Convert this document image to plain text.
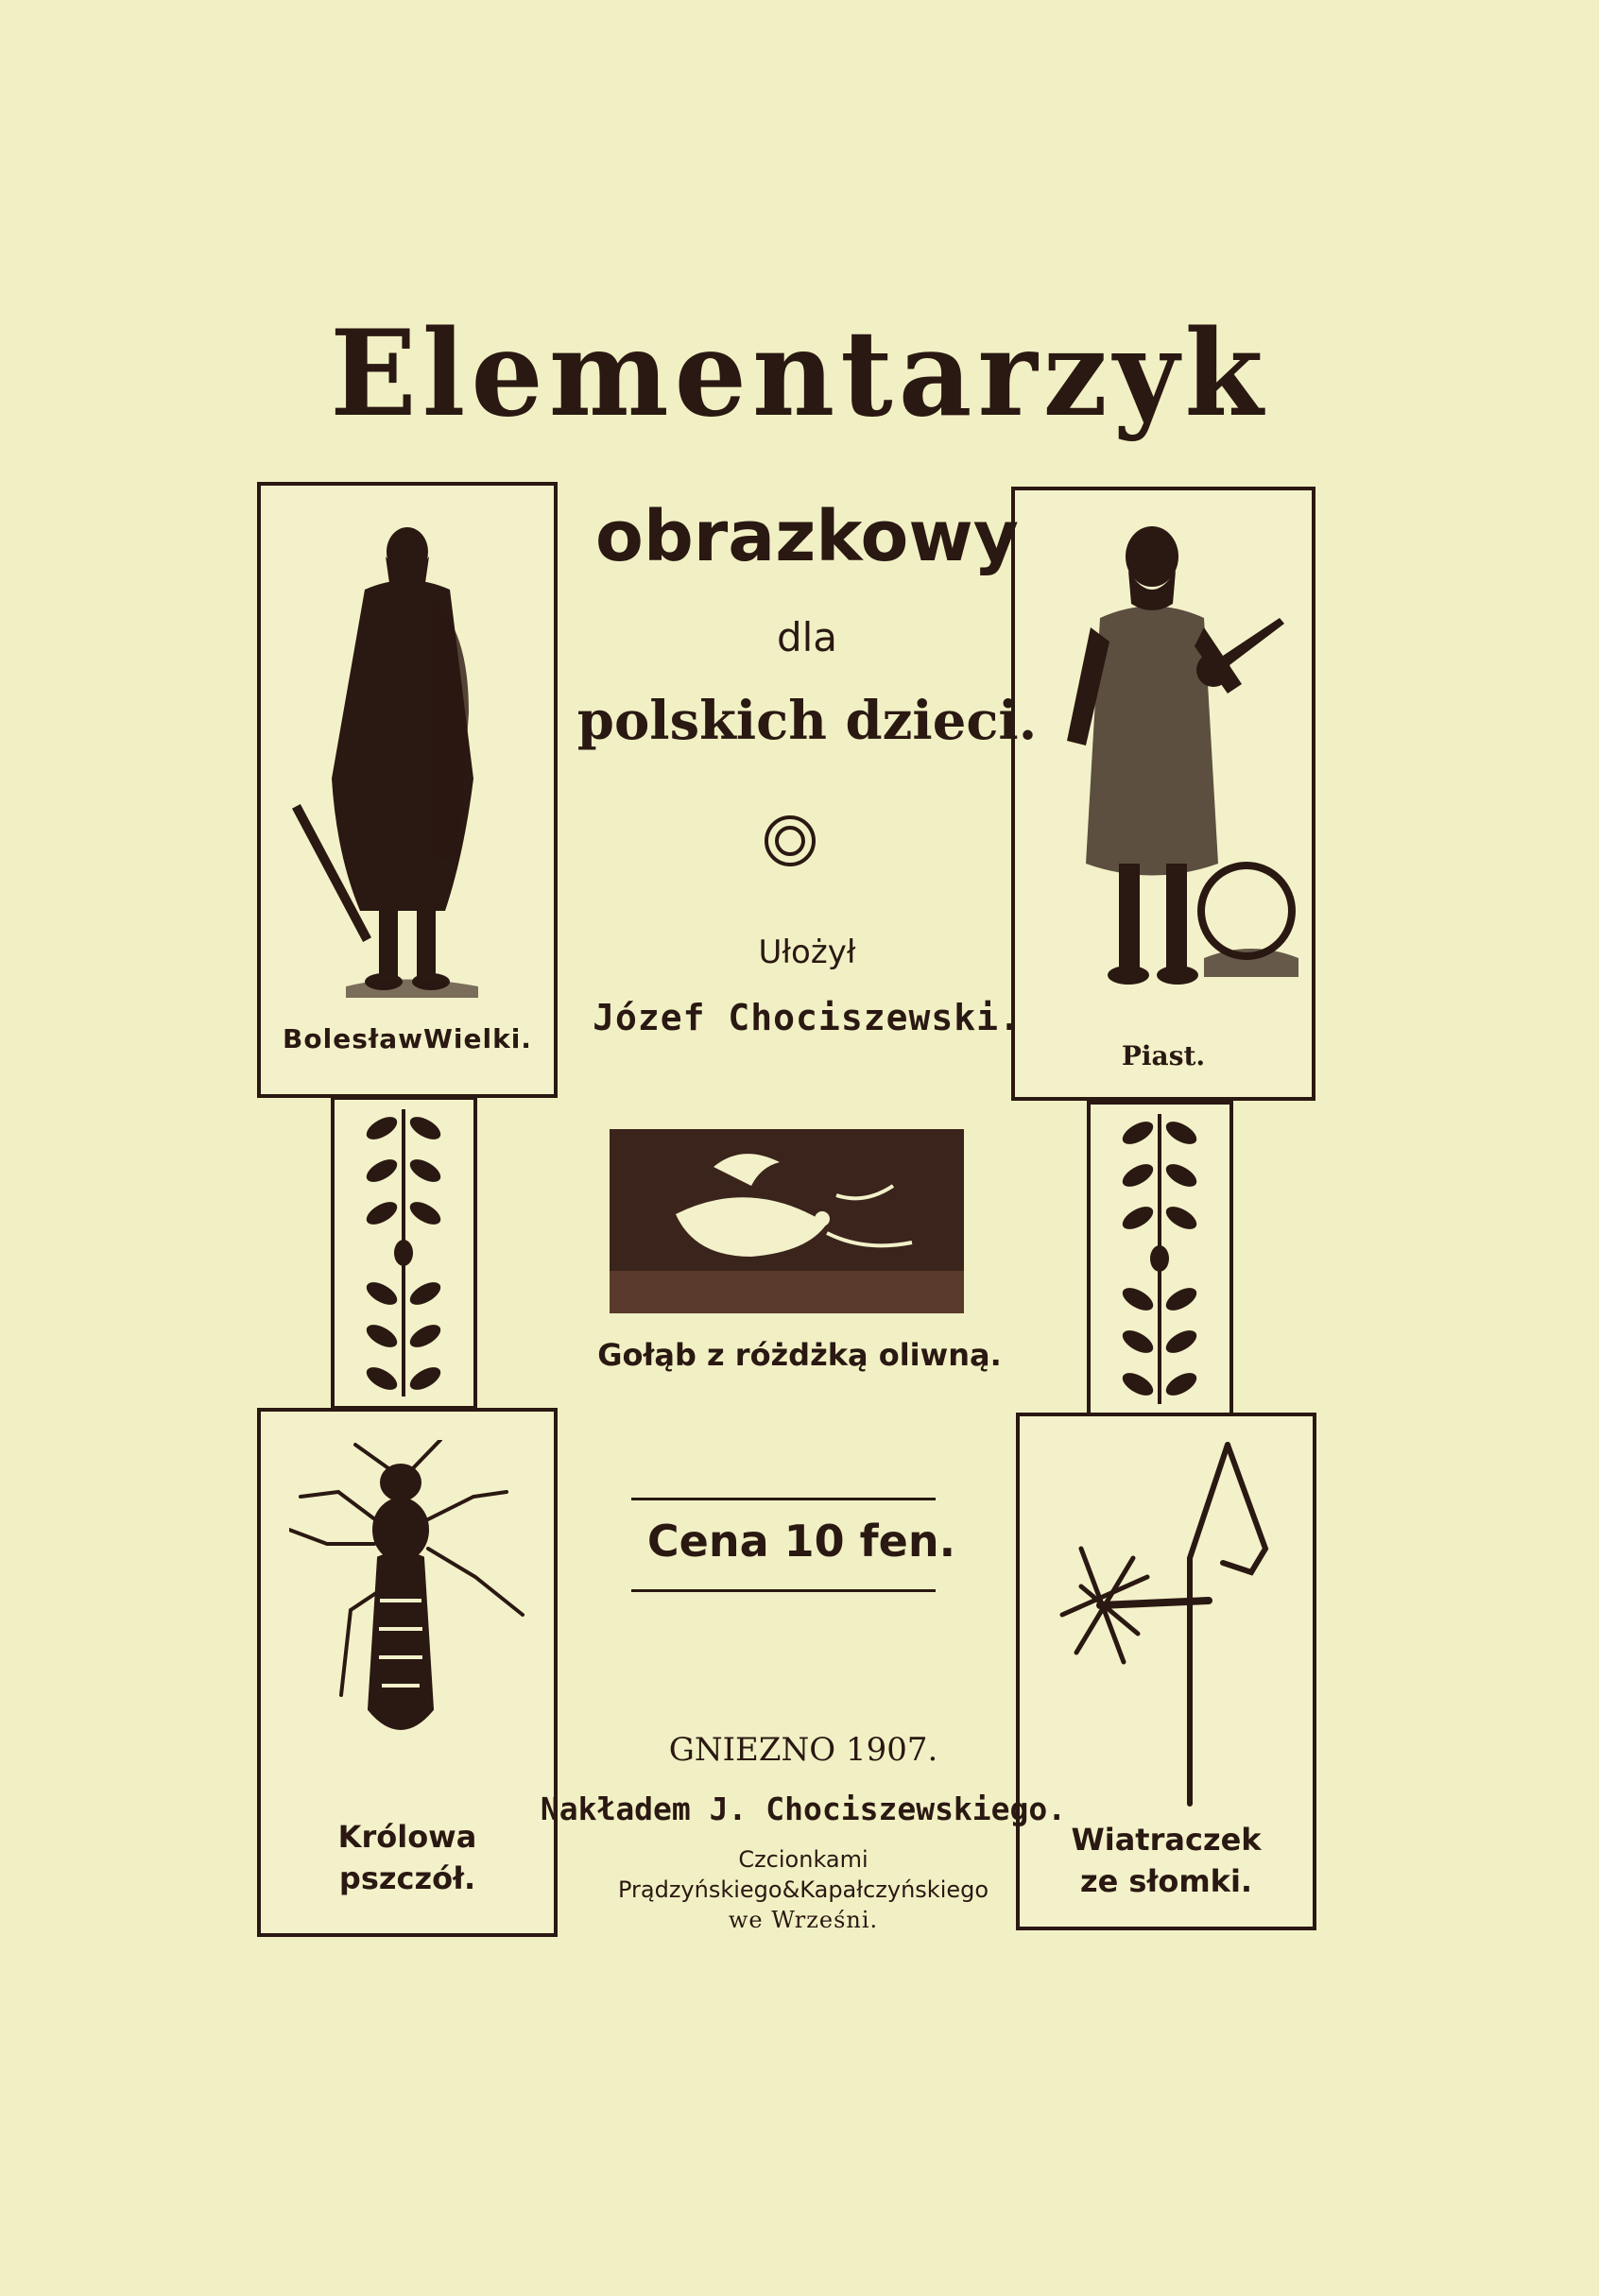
Elementarzyk
BolesławWielki.
Piast.
Królowa
pszczół.
Wiatraczek
ze słomki.
obrazkowy
dla
polskich dzieci.
Ułożył
Józef Chociszewski.
Gołąb z różdżką oliwną.
Cena 10 fen.
GNIEZNO 1907.
Nakładem J. Chociszewskiego.
Czcionkami
Prądzyńskiego&Kapałczyńskiego
we Wrześni.
